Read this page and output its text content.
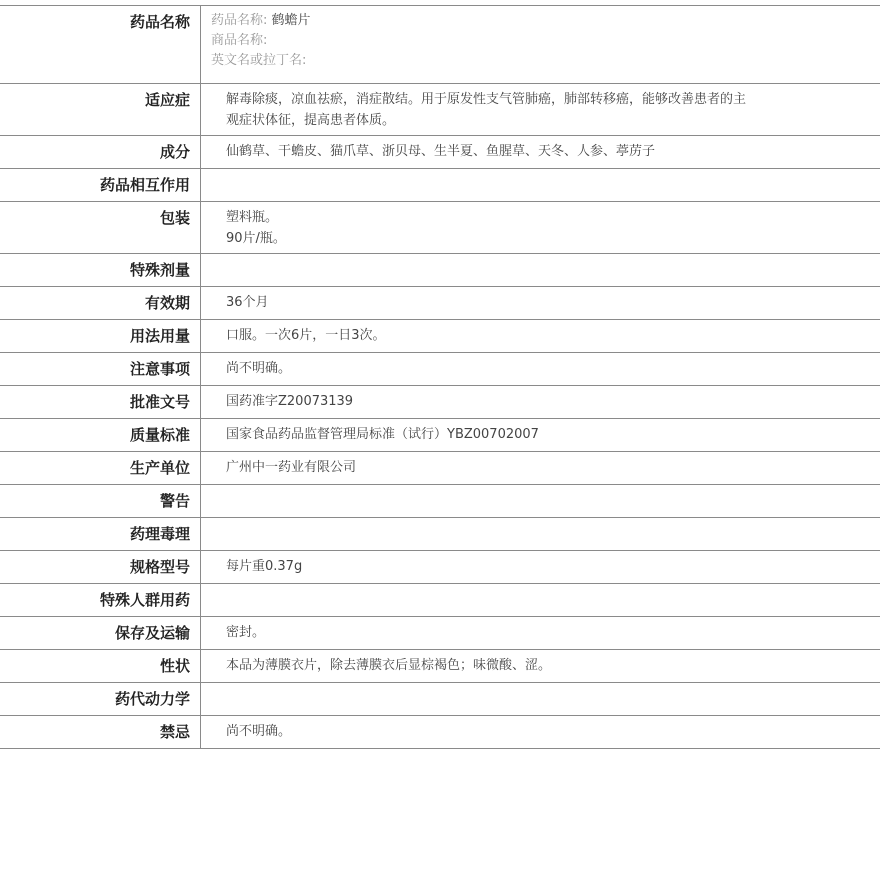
药品名称	药品名称: 鹤蟾片
商品名称:
英文名或拉丁名:

适应症	解毒除痰，凉血祛瘀，消症散结。用于原发性支气管肺癌，肺部转移癌，能够改善患者的主
观症状体征，提高患者体质。

成分	仙鹤草、干蟾皮、猫爪草、浙贝母、生半夏、鱼腥草、天冬、人参、葶苈子

药品相互作用	

包装	塑料瓶。
90片/瓶。

特殊剂量	

有效期	36个月

用法用量	口服。一次6片，一日3次。

注意事项	尚不明确。

批准文号	国药准字Z20073139

质量标准	国家食品药品监督管理局标准（试行）YBZ00702007

生产单位	广州中一药业有限公司

警告	

药理毒理	

规格型号	每片重0.37g

特殊人群用药	

保存及运输	密封。

性状	本品为薄膜衣片，除去薄膜衣后显棕褐色；味微酸、涩。

药代动力学	

禁忌	尚不明确。
